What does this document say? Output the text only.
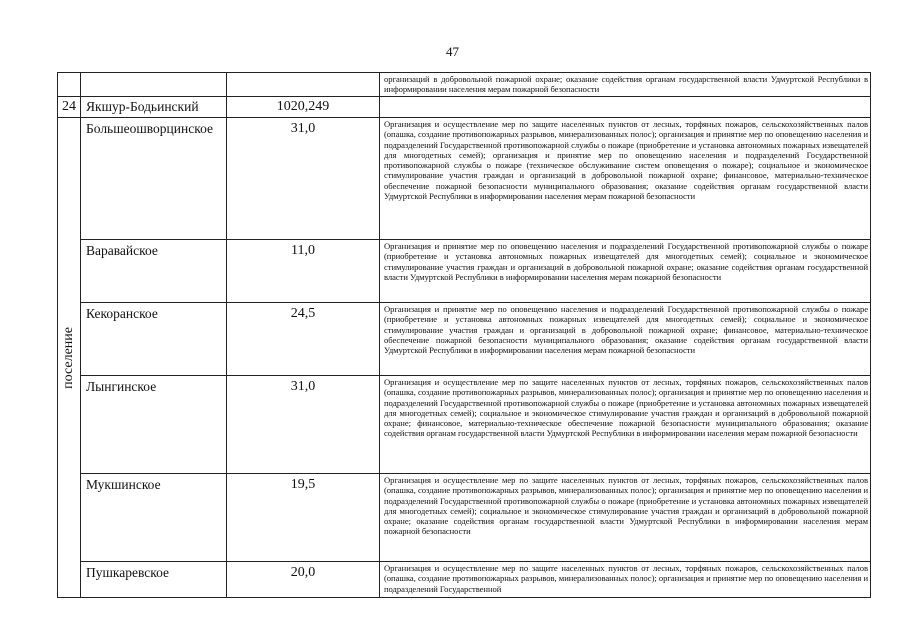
47
			организаций в добровольной пожарной охране; оказание содействия органам государственной власти Удмуртской Республики в информировании населения мерам пожарной безопасности
24	Якшур-Бодьинский	1020,249	

поселение	Большеошворцинское	31,0	Организация и осуществление мер по защите населенных пунктов от лесных, торфяных пожаров, сельскохозяйственных палов (опашка, создание противопожарных разрывов, минерализованных полос); организация и принятие мер по оповещению населения и подразделений Государственной противопожарной службы о пожаре (приобретение и установка автономных пожарных извещателей для многодетных семей); организация и принятие мер по оповещению населения и подразделений Государственной противопожарной службы о пожаре (техническое обслуживание систем оповещения о пожаре); социальное и экономическое стимулирование участия граждан и организаций в добровольной пожарной охране; финансовое, материально-техническое обеспечение пожарной безопасности муниципального образования; оказание содействия органам государственной власти Удмуртской Республики в информировании населения мерам пожарной безопасности

	Варавайское	11,0	Организация и принятие мер по оповещению населения и подразделений Государственной противопожарной службы о пожаре (приобретение и установка автономных пожарных извещателей для многодетных семей); социальное и экономическое стимулирование участия граждан и организаций в добровольной пожарной охране; оказание содействия органам государственной власти Удмуртской Республики в информировании населения мерам пожарной безопасности

	Кекоранское	24,5	Организация и принятие мер по оповещению населения и подразделений Государственной противопожарной службы о пожаре (приобретение и установка автономных пожарных извещателей для многодетных семей); социальное и экономическое стимулирование участия граждан и организаций в добровольной пожарной охране; финансовое, материально-техническое обеспечение пожарной безопасности муниципального образования; оказание содействия органам государственной власти Удмуртской Республики в информировании населения мерам пожарной безопасности

	Лынгинское	31,0	Организация и осуществление мер по защите населенных пунктов от лесных, торфяных пожаров, сельскохозяйственных палов (опашка, создание противопожарных разрывов, минерализованных полос); организация и принятие мер по оповещению населения и подразделений Государственной противопожарной службы о пожаре (приобретение и установка автономных пожарных извещателей для многодетных семей); социальное и экономическое стимулирование участия граждан и организаций в добровольной пожарной охране; финансовое, материально-техническое обеспечение пожарной безопасности муниципального образования; оказание содействия органам государственной власти Удмуртской Республики в информировании населения мерам пожарной безопасности

	Мукшинское	19,5	Организация и осуществление мер по защите населенных пунктов от лесных, торфяных пожаров, сельскохозяйственных палов (опашка, создание противопожарных разрывов, минерализованных полос); организация и принятие мер по оповещению населения и подразделений Государственной противопожарной службы о пожаре (приобретение и установка автономных пожарных извещателей для многодетных семей); социальное и экономическое стимулирование участия граждан и организаций в добровольной пожарной охране; оказание содействия органам государственной власти Удмуртской Республики в информировании населения мерам пожарной безопасности

	Пушкаревское	20,0	Организация и осуществление мер по защите населенных пунктов от лесных, торфяных пожаров, сельскохозяйственных палов (опашка, создание противопожарных разрывов, минерализованных полос); организация и принятие мер по оповещению населения и подразделений Государственной
